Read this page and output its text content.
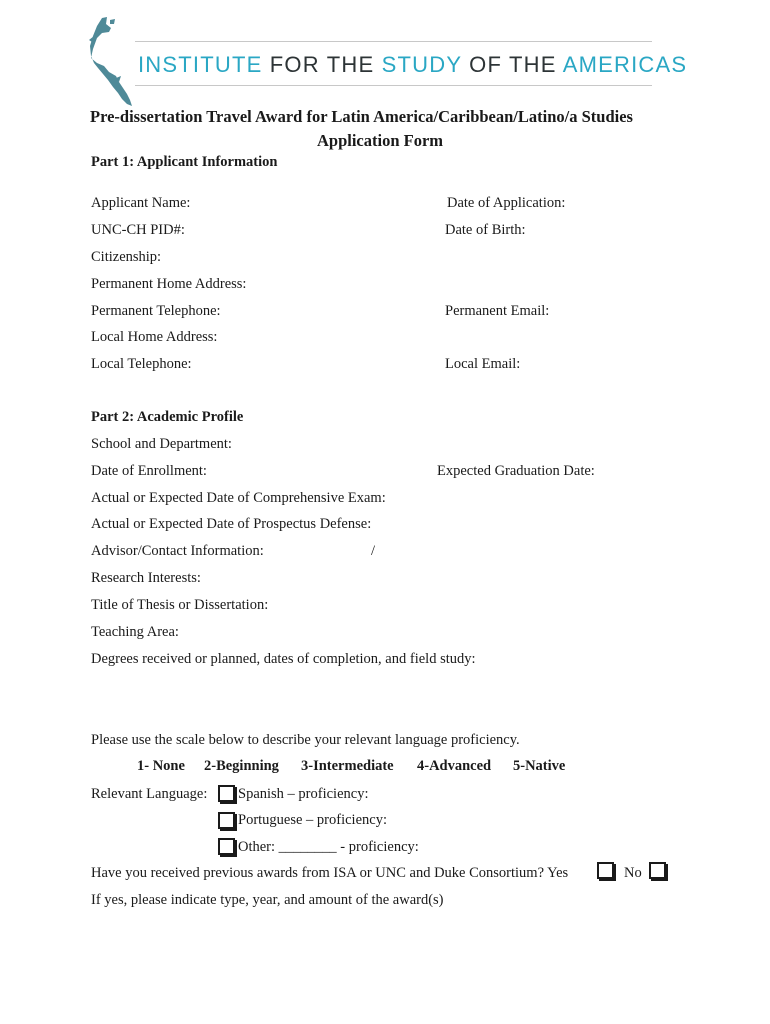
INSTITUTE FOR THE STUDY OF THE AMERICAS
Pre-dissertation Travel Award for Latin America/Caribbean/Latino/a Studies
Application Form
Part 1: Applicant Information
Applicant Name:	Date of Application:
UNC-CH PID#:	Date of Birth:
Citizenship:
Permanent Home Address:
Permanent Telephone:	Permanent Email:
Local Home Address:
Local Telephone:	Local Email:
Part 2: Academic Profile
School and Department:
Date of Enrollment:	Expected Graduation Date:
Actual or Expected Date of Comprehensive Exam:
Actual or Expected Date of Prospectus Defense:
Advisor/Contact Information:	/
Research Interests:
Title of Thesis or Dissertation:
Teaching Area:
Degrees received or planned, dates of completion, and field study:
Please use the scale below to describe your relevant language proficiency.
1- None 2-Beginning 3-Intermediate 4-Advanced 5-Native
Relevant Language: Spanish – proficiency:
Portuguese – proficiency:
Other: ________ - proficiency:
Have you received previous awards from ISA or UNC and Duke Consortium? Yes	No
If yes, please indicate type, year, and amount of the award(s)
